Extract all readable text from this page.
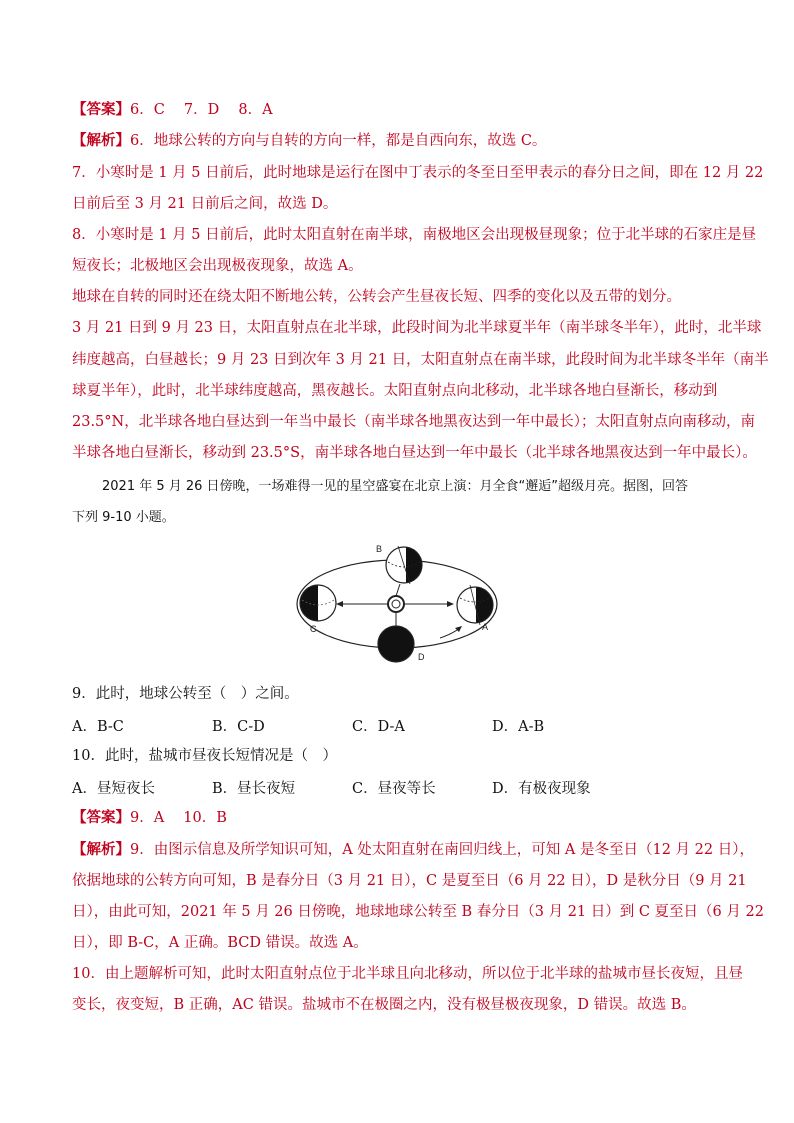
【答案】6．C　 7．D　 8．A
【解析】6．地球公转的方向与自转的方向一样，都是自西向东，故选 C。
7．小寒时是 1 月 5 日前后，此时地球是运行在图中丁表示的冬至日至甲表示的春分日之间，即在 12 月 22
日前后至 3 月 21 日前后之间，故选 D。
8．小寒时是 1 月 5 日前后，此时太阳直射在南半球，南极地区会出现极昼现象；位于北半球的石家庄是昼
短夜长；北极地区会出现极夜现象，故选 A。
地球在自转的同时还在绕太阳不断地公转，公转会产生昼夜长短、四季的变化以及五带的划分。
3 月 21 日到 9 月 23 日，太阳直射点在北半球，此段时间为北半球夏半年（南半球冬半年），此时，北半球
纬度越高，白昼越长；9 月 23 日到次年 3 月 21 日，太阳直射点在南半球，此段时间为北半球冬半年（南半
球夏半年），此时，北半球纬度越高，黑夜越长。太阳直射点向北移动，北半球各地白昼渐长，移动到
23.5°N，北半球各地白昼达到一年当中最长（南半球各地黑夜达到一年中最长）；太阳直射点向南移动，南
半球各地白昼渐长，移动到 23.5°S，南半球各地白昼达到一年中最长（北半球各地黑夜达到一年中最长）。
2021 年 5 月 26 日傍晚，一场难得一见的星空盛宴在北京上演：月全食“邂逅”超级月亮。据图，回答
下列 9-10 小题。
A
B
C
D
9．此时，地球公转至（　）之间。
A．B-C	B．C-D	C．D-A	D．A-B
10．此时，盐城市昼夜长短情况是（　）
A．昼短夜长	B．昼长夜短	C．昼夜等长	D．有极夜现象
【答案】9．A　 10．B
【解析】9．由图示信息及所学知识可知，A 处太阳直射在南回归线上，可知 A 是冬至日（12 月 22 日），
依据地球的公转方向可知，B 是春分日（3 月 21 日），C 是夏至日（6 月 22 日），D 是秋分日（9 月 21
日），由此可知，2021 年 5 月 26 日傍晚，地球地球公转至 B 春分日（3 月 21 日）到 C 夏至日（6 月 22
日），即 B-C，A 正确。BCD 错误。故选 A。
10．由上题解析可知，此时太阳直射点位于北半球且向北移动，所以位于北半球的盐城市昼长夜短，且昼
变长，夜变短，B 正确，AC 错误。盐城市不在极圈之内，没有极昼极夜现象，D 错误。故选 B。
